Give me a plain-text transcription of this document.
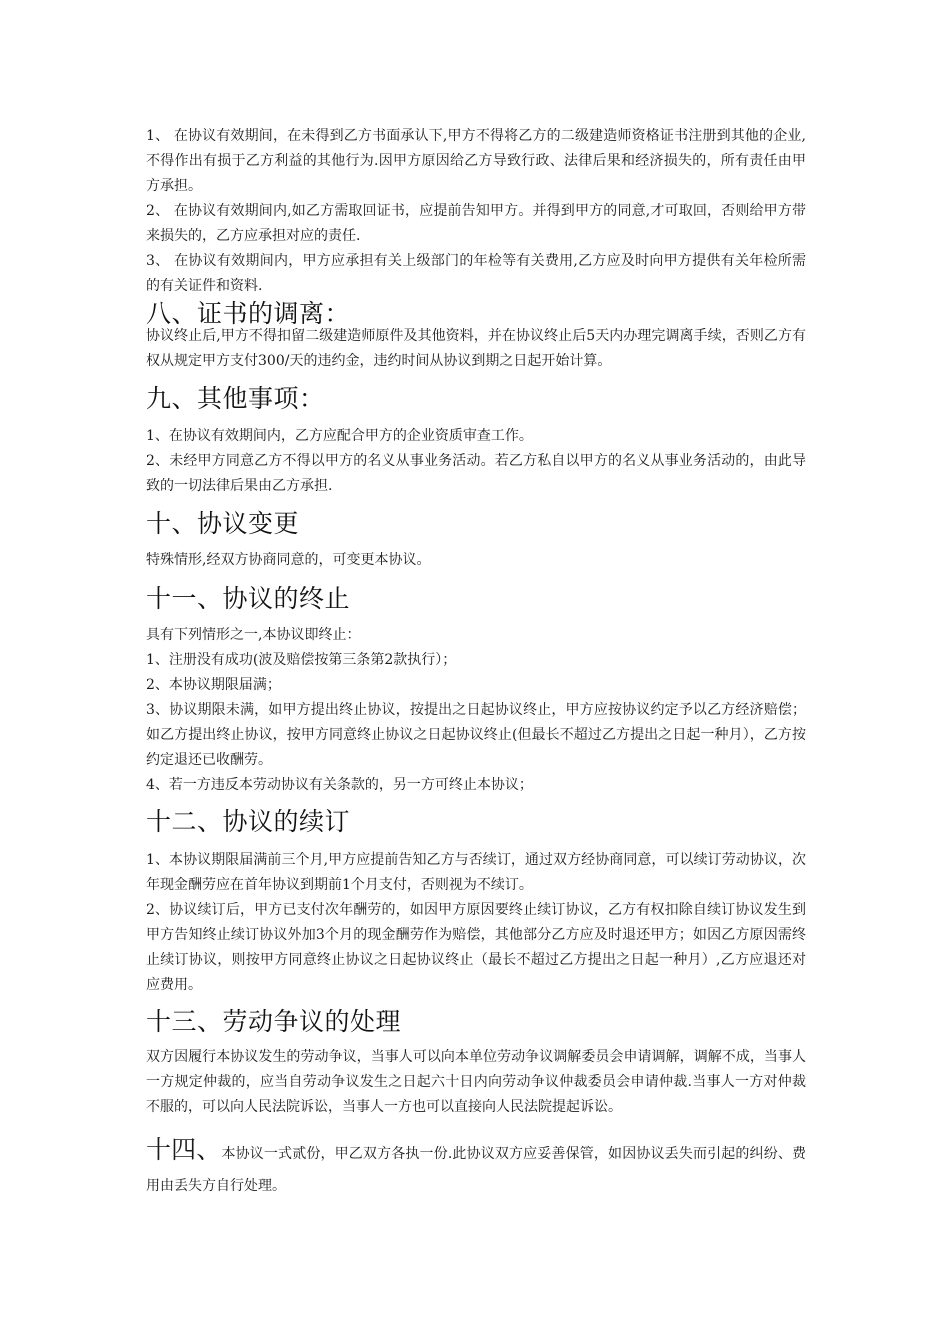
1、 在协议有效期间，在未得到乙方书面承认下,甲方不得将乙方的二级建造师资格证书注册到其他的企业,不得作出有损于乙方利益的其他行为.因甲方原因给乙方导致行政、法律后果和经济损失的，所有责任由甲方承担。

2、 在协议有效期间内,如乙方需取回证书，应提前告知甲方。并得到甲方的同意,才可取回，否则给甲方带来损失的，乙方应承担对应的责任.

3、 在协议有效期间内，甲方应承担有关上级部门的年检等有关费用,乙方应及时向甲方提供有关年检所需的有关证件和资料.

八、证书的调离：

协议终止后,甲方不得扣留二级建造师原件及其他资料，并在协议终止后5天内办理完调离手续，否则乙方有权从规定甲方支付300/天的违约金，违约时间从协议到期之日起开始计算。

九、其他事项：

1、在协议有效期间内，乙方应配合甲方的企业资质审查工作。

2、未经甲方同意乙方不得以甲方的名义从事业务活动。若乙方私自以甲方的名义从事业务活动的，由此导致的一切法律后果由乙方承担.

十、协议变更

特殊情形,经双方协商同意的，可变更本协议。

十一、协议的终止

具有下列情形之一,本协议即终止：

1、注册没有成功(波及赔偿按第三条第2款执行）；

2、本协议期限届满；

3、协议期限未满，如甲方提出终止协议，按提出之日起协议终止，甲方应按协议约定予以乙方经济赔偿；如乙方提出终止协议，按甲方同意终止协议之日起协议终止(但最长不超过乙方提出之日起一种月），乙方按约定退还已收酬劳。

4、若一方违反本劳动协议有关条款的，另一方可终止本协议；

十二、协议的续订

1、本协议期限届满前三个月,甲方应提前告知乙方与否续订，通过双方经协商同意，可以续订劳动协议，次年现金酬劳应在首年协议到期前1个月支付，否则视为不续订。

2、协议续订后，甲方已支付次年酬劳的，如因甲方原因要终止续订协议，乙方有权扣除自续订协议发生到甲方告知终止续订协议外加3个月的现金酬劳作为赔偿，其他部分乙方应及时退还甲方；如因乙方原因需终止续订协议，则按甲方同意终止协议之日起协议终止（最长不超过乙方提出之日起一种月）,乙方应退还对应费用。

十三、劳动争议的处理

双方因履行本协议发生的劳动争议，当事人可以向本单位劳动争议调解委员会申请调解，调解不成，当事人一方规定仲裁的，应当自劳动争议发生之日起六十日内向劳动争议仲裁委员会申请仲裁.当事人一方对仲裁不服的，可以向人民法院诉讼，当事人一方也可以直接向人民法院提起诉讼。

十四、本协议一式贰份，甲乙双方各执一份.此协议双方应妥善保管，如因协议丢失而引起的纠纷、费用由丢失方自行处理。
